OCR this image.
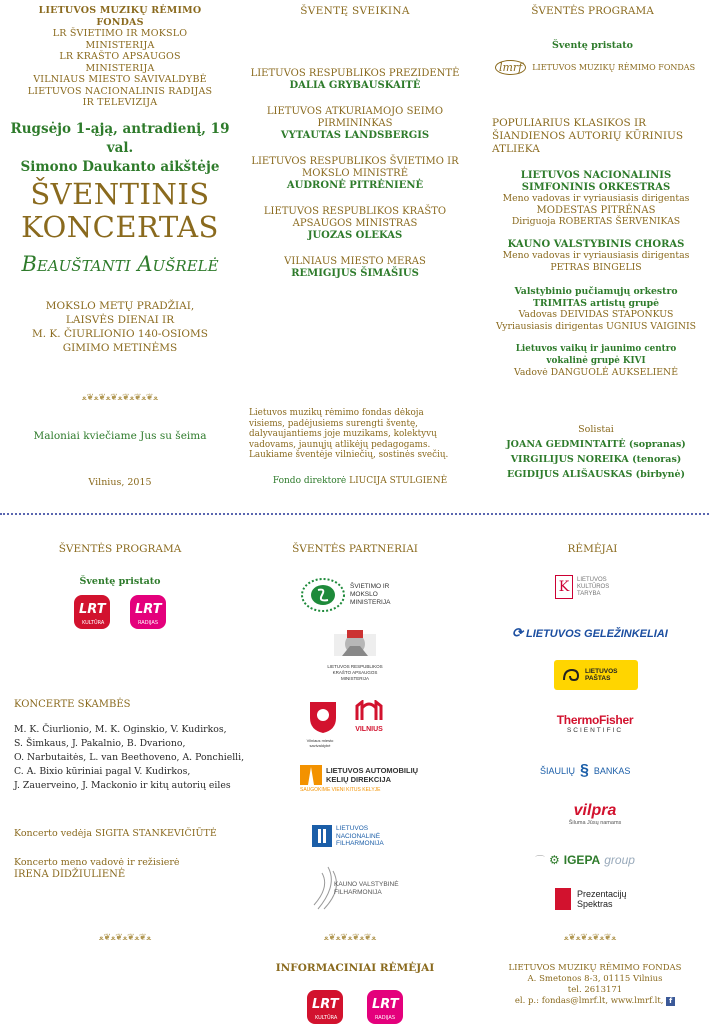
LIETUVOS MUZIKŲ RĖMIMO FONDAS
LR ŠVIETIMO IR MOKSLO MINISTERIJA
LR KRAŠTO APSAUGOS MINISTERIJA
VILNIAUS MIESTO SAVIVALDYBĖ
LIETUVOS NACIONALINIS RADIJAS
IR TELEVIZIJA
Rugsėjo 1-ąją, antradienį, 19 val.
Simono Daukanto aikštėje
ŠVENTINIS
KONCERTAS
Beauštanti Aušrelė
MOKSLO METŲ PRADŽIAI,
LAISVĖS DIENAI IR
M. K. ČIURLIONIO 140-OSIOMS
GIMIMO METINĖMS
ﻌ❦ﻌ❦ﻌ❦ﻌ❦ﻌ❦ﻌ❦ﻌ
Maloniai kviečiame Jus su šeima
Vilnius, 2015
ŠVENTĘ SVEIKINA
LIETUVOS RESPUBLIKOS PREZIDENTĖ
DALIA GRYBAUSKAITĖ
LIETUVOS ATKURIAMOJO SEIMO PIRMININKAS
VYTAUTAS LANDSBERGIS
LIETUVOS RESPUBLIKOS ŠVIETIMO IR MOKSLO MINISTRĖ
AUDRONĖ PITRĖNIENĖ
LIETUVOS RESPUBLIKOS KRAŠTO APSAUGOS MINISTRAS
JUOZAS OLEKAS
VILNIAUS MIESTO MERAS
REMIGIJUS ŠIMAŠIUS
Lietuvos muzikų rėmimo fondas dėkoja visiems, padėjusiems surengti šventę, dalyvaujantiems joje muzikams, kolektyvų vadovams, jaunųjų atlikėjų pedagogams.
Laukiame šventėje vilniečių, sostinės svečių.
Fondo direktorė LIUCIJA STULGIENĖ
ŠVENTĖS PROGRAMA
Šventę pristato
lmrf	LIETUVOS MUZIKŲ RĖMIMO FONDAS
POPULIARIUS KLASIKOS IR ŠIANDIENOS AUTORIŲ KŪRINIUS ATLIEKA
LIETUVOS NACIONALINIS SIMFONINIS ORKESTRAS
Meno vadovas ir vyriausiasis dirigentas
MODESTAS PITRĖNAS
Diriguoja ROBERTAS ŠERVENIKAS
KAUNO VALSTYBINIS CHORAS
Meno vadovas ir vyriausiasis dirigentas
PETRAS BINGELIS
Valstybinio pučiamųjų orkestro TRIMITAS artistų grupė
Vadovas DEIVIDAS STAPONKUS
Vyriausiasis dirigentas UGNIUS VAIGINIS
Lietuvos vaikų ir jaunimo centro vokalinė grupė KIVI
Vadovė DANGUOLĖ AUKSELIENĖ
Solistai
JOANA GEDMINTAITĖ (sopranas)
VIRGILIJUS NOREIKA (tenoras)
EGIDIJUS ALIŠAUSKAS (birbynė)
ŠVENTĖS PROGRAMA
Šventę pristato
LRT
KULTŪRA
LRT
RADIJAS
KONCERTE SKAMBĖS
M. K. Čiurlionio, M. K. Oginskio, V. Kudirkos,
S. Šimkaus, J. Pakalnio, B. Dvariono,
O. Narbutaitės, L. van Beethoveno, A. Ponchielli,
C. A. Bixio kūriniai pagal V. Kudirkos,
J. Zauerveino, J. Mackonio ir kitų autorių eiles
Koncerto vedėja SIGITA STANKEVIČIŪTĖ
Koncerto meno vadovė ir režisierė
IRENA DIDŽIULIENĖ
ŠVENTĖS PARTNERIAI
ŠVIETIMO IR MOKSLO MINISTERIJA
LIETUVOS RESPUBLIKOS KRAŠTO APSAUGOS MINISTERIJA
Vilniaus miesto savivaldybė
VILNIUS
LIETUVOS AUTOMOBILIŲ KELIŲ DIREKCIJA
SAUGOKIME VIENI KITUS KELYJE
LIETUVOS NACIONALINĖ FILHARMONIJA
KAUNO VALSTYBINĖ FILHARMONIJA
RĖMĖJAI
K	LIETUVOS KULTŪROS TARYBA
⟳ LIETUVOS GELEŽINKELIAI
LIETUVOS PAŠTAS
ThermoFisher
SCIENTIFIC
ŠIAULIŲ § BANKAS
vilpra
Šiluma Jūsų namams
⌒ ⚙ IGEPA group
Prezentacijų
Spektras
ﻌ❦ﻌ❦ﻌ❦ﻌ❦ﻌ	ﻌ❦ﻌ❦ﻌ❦ﻌ❦ﻌ	ﻌ❦ﻌ❦ﻌ❦ﻌ❦ﻌ
INFORMACINIAI RĖMĖJAI
LRT
KULTŪRA
LRT
RADIJAS
LIETUVOS MUZIKŲ RĖMIMO FONDAS
A. Smetonos 8-3, 01115 Vilnius
tel. 2613171
el. p.: fondas@lmrf.lt, www.lmrf.lt, f
